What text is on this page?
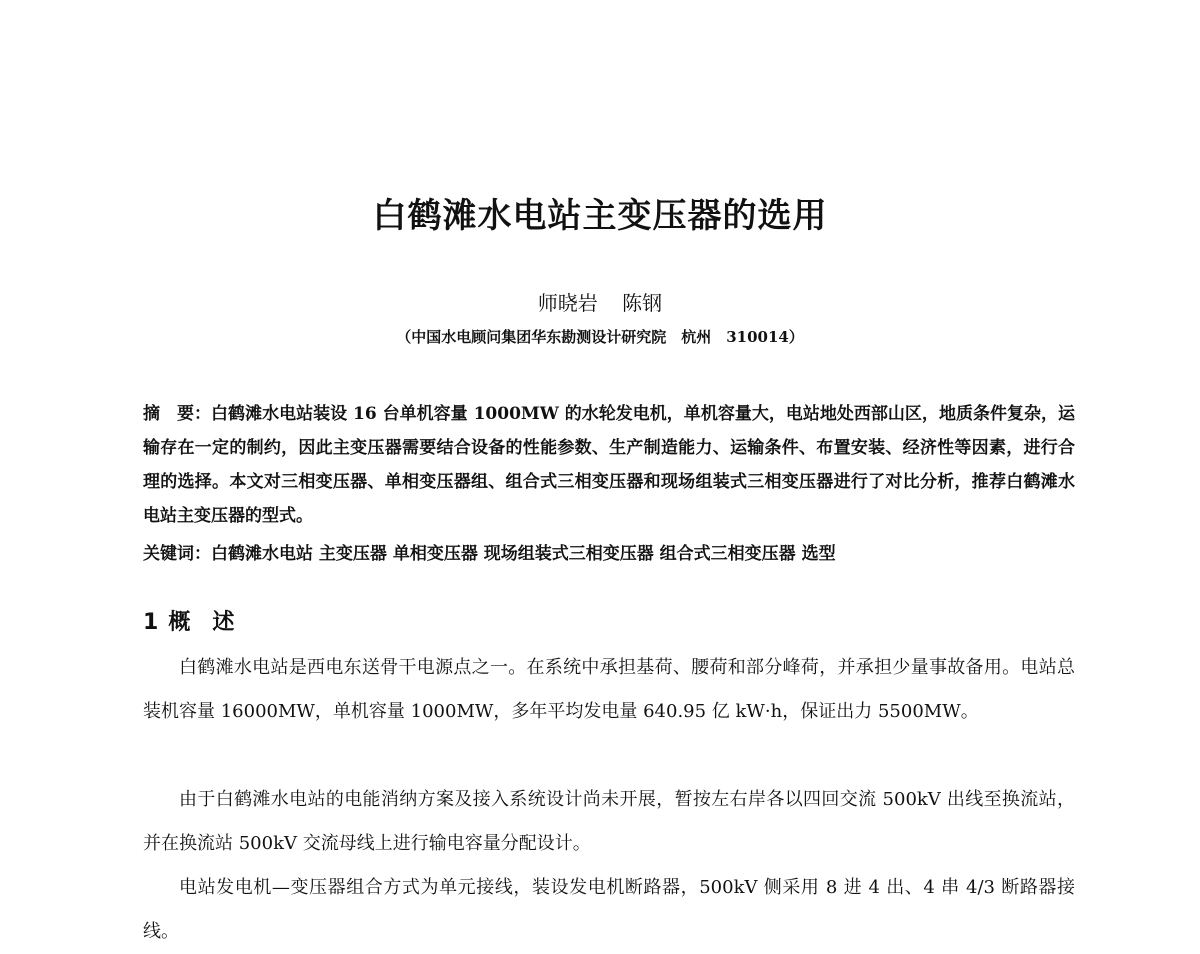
白鹤滩水电站主变压器的选用
师晓岩 陈钢
（中国水电顾问集团华东勘测设计研究院　杭州　310014）
摘　要：白鹤滩水电站装设 16 台单机容量 1000MW 的水轮发电机，单机容量大，电站地处西部山区，地质条件复杂，运输存在一定的制约，因此主变压器需要结合设备的性能参数、生产制造能力、运输条件、布置安装、经济性等因素，进行合理的选择。本文对三相变压器、单相变压器组、组合式三相变压器和现场组装式三相变压器进行了对比分析，推荐白鹤滩水电站主变压器的型式。
关键词：白鹤滩水电站 主变压器 单相变压器 现场组装式三相变压器 组合式三相变压器 选型
1 概　述

白鹤滩水电站是西电东送骨干电源点之一。在系统中承担基荷、腰荷和部分峰荷，并承担少量事故备用。电站总装机容量 16000MW，单机容量 1000MW，多年平均发电量 640.95 亿 kW·h，保证出力 5500MW。

由于白鹤滩水电站的电能消纳方案及接入系统设计尚未开展，暂按左右岸各以四回交流 500kV 出线至换流站，并在换流站 500kV 交流母线上进行输电容量分配设计。

电站发电机—变压器组合方式为单元接线，装设发电机断路器，500kV 侧采用 8 进 4 出、4 串 4/3 断路器接线。
